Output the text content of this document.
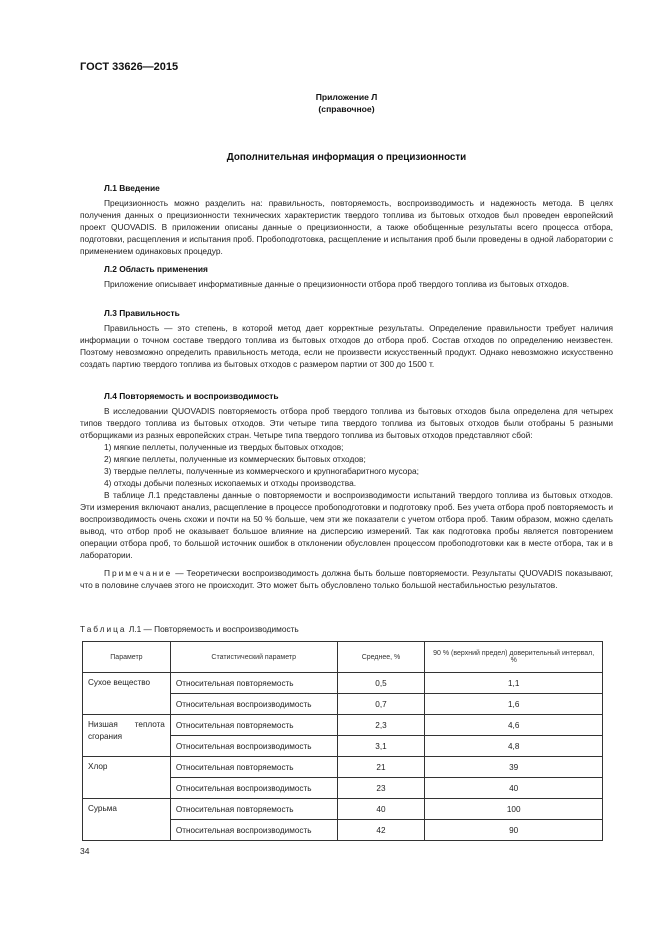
ГОСТ 33626—2015
Приложение Л
(справочное)
Дополнительная информация о прецизионности
Л.1 Введение

Прецизионность можно разделить на: правильность, повторяемость, воспроизводимость и надежность метода. В целях получения данных о прецизионности технических характеристик твердого топлива из бытовых отходов был проведен европейский проект QUOVADIS. В приложении описаны данные о прецизионности, а также обобщенные результаты всего процесса отбора, подготовки, расщепления и испытания проб. Пробоподготовка, расщепление и испытания проб были проведены в одной лаборатории с применением одинаковых процедур.

Л.2 Область применения

Приложение описывает информативные данные о прецизионности отбора проб твердого топлива из бытовых отходов.

Л.3 Правильность

Правильность — это степень, в которой метод дает корректные результаты. Определение правильности требует наличия информации о точном составе твердого топлива из бытовых отходов до отбора проб. Состав отходов по определению неизвестен. Поэтому невозможно определить правильность метода, если не произвести искусственный продукт. Однако невозможно искусственно создать партию твердого топлива из бытовых отходов с размером партии от 300 до 1500 т.

Л.4 Повторяемость и воспроизводимость

В исследовании QUOVADIS повторяемость отбора проб твердого топлива из бытовых отходов была определена для четырех типов твердого топлива из бытовых отходов. Эти четыре типа твердого топлива из бытовых отходов были отобраны 5 разными отборщиками из разных европейских стран. Четыре типа твердого топлива из бытовых отходов представляют сбой:

1) мягкие пеллеты, полученные из твердых бытовых отходов;
2) мягкие пеллеты, полученные из коммерческих бытовых отходов;
3) твердые пеллеты, полученные из коммерческого и крупногабаритного мусора;
4) отходы добычи полезных ископаемых и отходы производства.

В таблице Л.1 представлены данные о повторяемости и воспроизводимости испытаний твердого топлива из бытовых отходов. Эти измерения включают анализ, расщепление в процессе пробоподготовки и подготовку проб. Без учета отбора проб повторяемость и воспроизводимость очень схожи и почти на 50 % больше, чем эти же показатели с учетом отбора проб. Таким образом, можно сделать вывод, что отбор проб не оказывает большое влияние на дисперсию измерений. Так как подготовка пробы является повторением операции отбора проб, то большой источник ошибок в отклонении обусловлен процессом пробоподготовки как в месте отбора, так и в лаборатории.

Примечание — Теоретически воспроизводимость должна быть больше повторяемости. Результаты QUOVADIS показывают, что в половине случаев этого не происходит. Это может быть обусловлено только большой нестабильностью результатов.

Таблица Л.1 — Повторяемость и воспроизводимость
Параметр	Статистический параметр	Среднее, %	90 % (верхний предел) доверительный интервал, %
Сухое вещество	Относительная повторяемость	0,5	1,1
	Относительная воспроизводимость	0,7	1,6
Низшая теплота сгорания	Относительная повторяемость	2,3	4,6
	Относительная воспроизводимость	3,1	4,8
Хлор	Относительная повторяемость	21	39
	Относительная воспроизводимость	23	40
Сурьма	Относительная повторяемость	40	100
	Относительная воспроизводимость	42	90
34
